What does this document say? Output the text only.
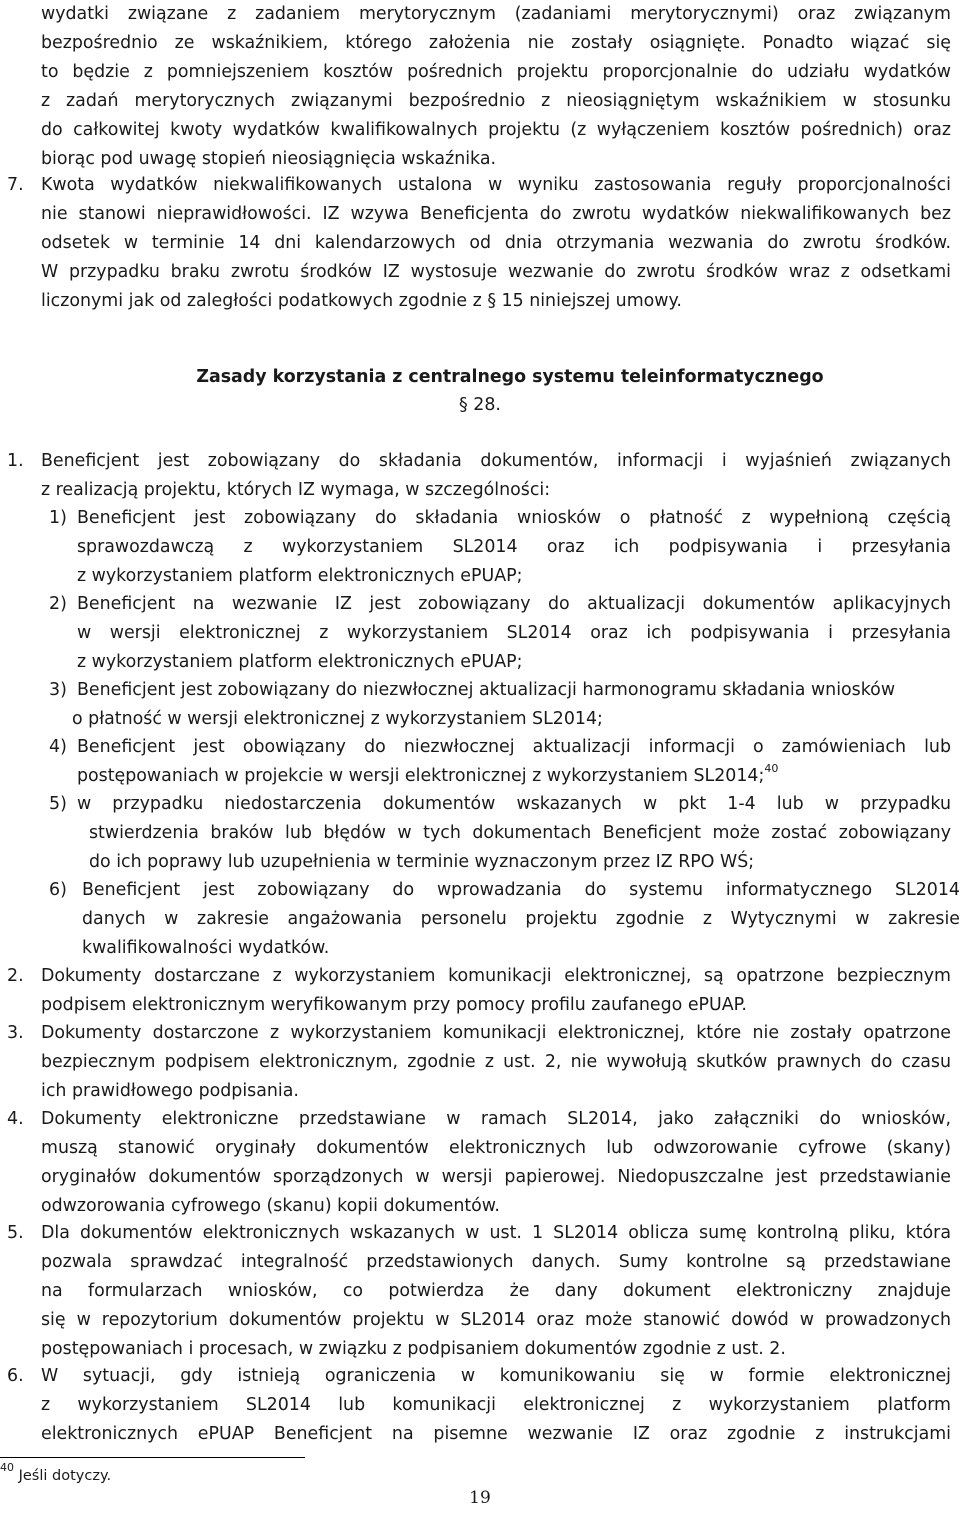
wydatki związane z zadaniem merytorycznym (zadaniami merytorycznymi) oraz związanym
bezpośrednio ze wskaźnikiem, którego założenia nie zostały osiągnięte. Ponadto wiązać się
to będzie z pomniejszeniem kosztów pośrednich projektu proporcjonalnie do udziału wydatków
z zadań merytorycznych związanymi bezpośrednio z nieosiągniętym wskaźnikiem w stosunku
do całkowitej kwoty wydatków kwalifikowalnych projektu (z wyłączeniem kosztów pośrednich) oraz
biorąc pod uwagę stopień nieosiągnięcia wskaźnika.
7. Kwota wydatków niekwalifikowanych ustalona w wyniku zastosowania reguły proporcjonalności
nie stanowi nieprawidłowości. IZ wzywa Beneficjenta do zwrotu wydatków niekwalifikowanych bez
odsetek w terminie 14 dni kalendarzowych od dnia otrzymania wezwania do zwrotu środków.
W przypadku braku zwrotu środków IZ wystosuje wezwanie do zwrotu środków wraz z odsetkami
liczonymi jak od zaległości podatkowych zgodnie z § 15 niniejszej umowy.
Zasady korzystania z centralnego systemu teleinformatycznego
§ 28.
1. Beneficjent jest zobowiązany do składania dokumentów, informacji i wyjaśnień związanych
z realizacją projektu, których IZ wymaga, w szczególności:
1) Beneficjent jest zobowiązany do składania wniosków o płatność z wypełnioną częścią
sprawozdawczą z wykorzystaniem SL2014 oraz ich podpisywania i przesyłania
z wykorzystaniem platform elektronicznych ePUAP;
2) Beneficjent na wezwanie IZ jest zobowiązany do aktualizacji dokumentów aplikacyjnych
w wersji elektronicznej z wykorzystaniem SL2014 oraz ich podpisywania i przesyłania
z wykorzystaniem platform elektronicznych ePUAP;
3) Beneficjent jest zobowiązany do niezwłocznej aktualizacji harmonogramu składania wniosków
o płatność w wersji elektronicznej z wykorzystaniem SL2014;
4) Beneficjent jest obowiązany do niezwłocznej aktualizacji informacji o zamówieniach lub
postępowaniach w projekcie w wersji elektronicznej z wykorzystaniem SL2014;$^{40}$
5) w przypadku niedostarczenia dokumentów wskazanych w pkt 1-4 lub w przypadku
stwierdzenia braków lub błędów w tych dokumentach Beneficjent może zostać zobowiązany
do ich poprawy lub uzupełnienia w terminie wyznaczonym przez IZ RPO WŚ;
6) Beneficjent jest zobowiązany do wprowadzania do systemu informatycznego SL2014
danych w zakresie angażowania personelu projektu zgodnie z Wytycznymi w zakresie
kwalifikowalności wydatków.
2. Dokumenty dostarczane z wykorzystaniem komunikacji elektronicznej, są opatrzone bezpiecznym
podpisem elektronicznym weryfikowanym przy pomocy profilu zaufanego ePUAP.
3. Dokumenty dostarczone z wykorzystaniem komunikacji elektronicznej, które nie zostały opatrzone
bezpiecznym podpisem elektronicznym, zgodnie z ust. 2, nie wywołują skutków prawnych do czasu
ich prawidłowego podpisania.
4. Dokumenty elektroniczne przedstawiane w ramach SL2014, jako załączniki do wniosków,
muszą stanowić oryginały dokumentów elektronicznych lub odwzorowanie cyfrowe (skany)
oryginałów dokumentów sporządzonych w wersji papierowej. Niedopuszczalne jest przedstawianie
odwzorowania cyfrowego (skanu) kopii dokumentów.
5. Dla dokumentów elektronicznych wskazanych w ust. 1 SL2014 oblicza sumę kontrolną pliku, która
pozwala sprawdzać integralność przedstawionych danych. Sumy kontrolne są przedstawiane
na formularzach wniosków, co potwierdza że dany dokument elektroniczny znajduje
się w repozytorium dokumentów projektu w SL2014 oraz może stanowić dowód w prowadzonych
postępowaniach i procesach, w związku z podpisaniem dokumentów zgodnie z ust. 2.
6. W sytuacji, gdy istnieją ograniczenia w komunikowaniu się w formie elektronicznej
z wykorzystaniem SL2014 lub komunikacji elektronicznej z wykorzystaniem platform
elektronicznych ePUAP Beneficjent na pisemne wezwanie IZ oraz zgodnie z instrukcjami
$^{40}$ Jeśli dotyczy.
19
